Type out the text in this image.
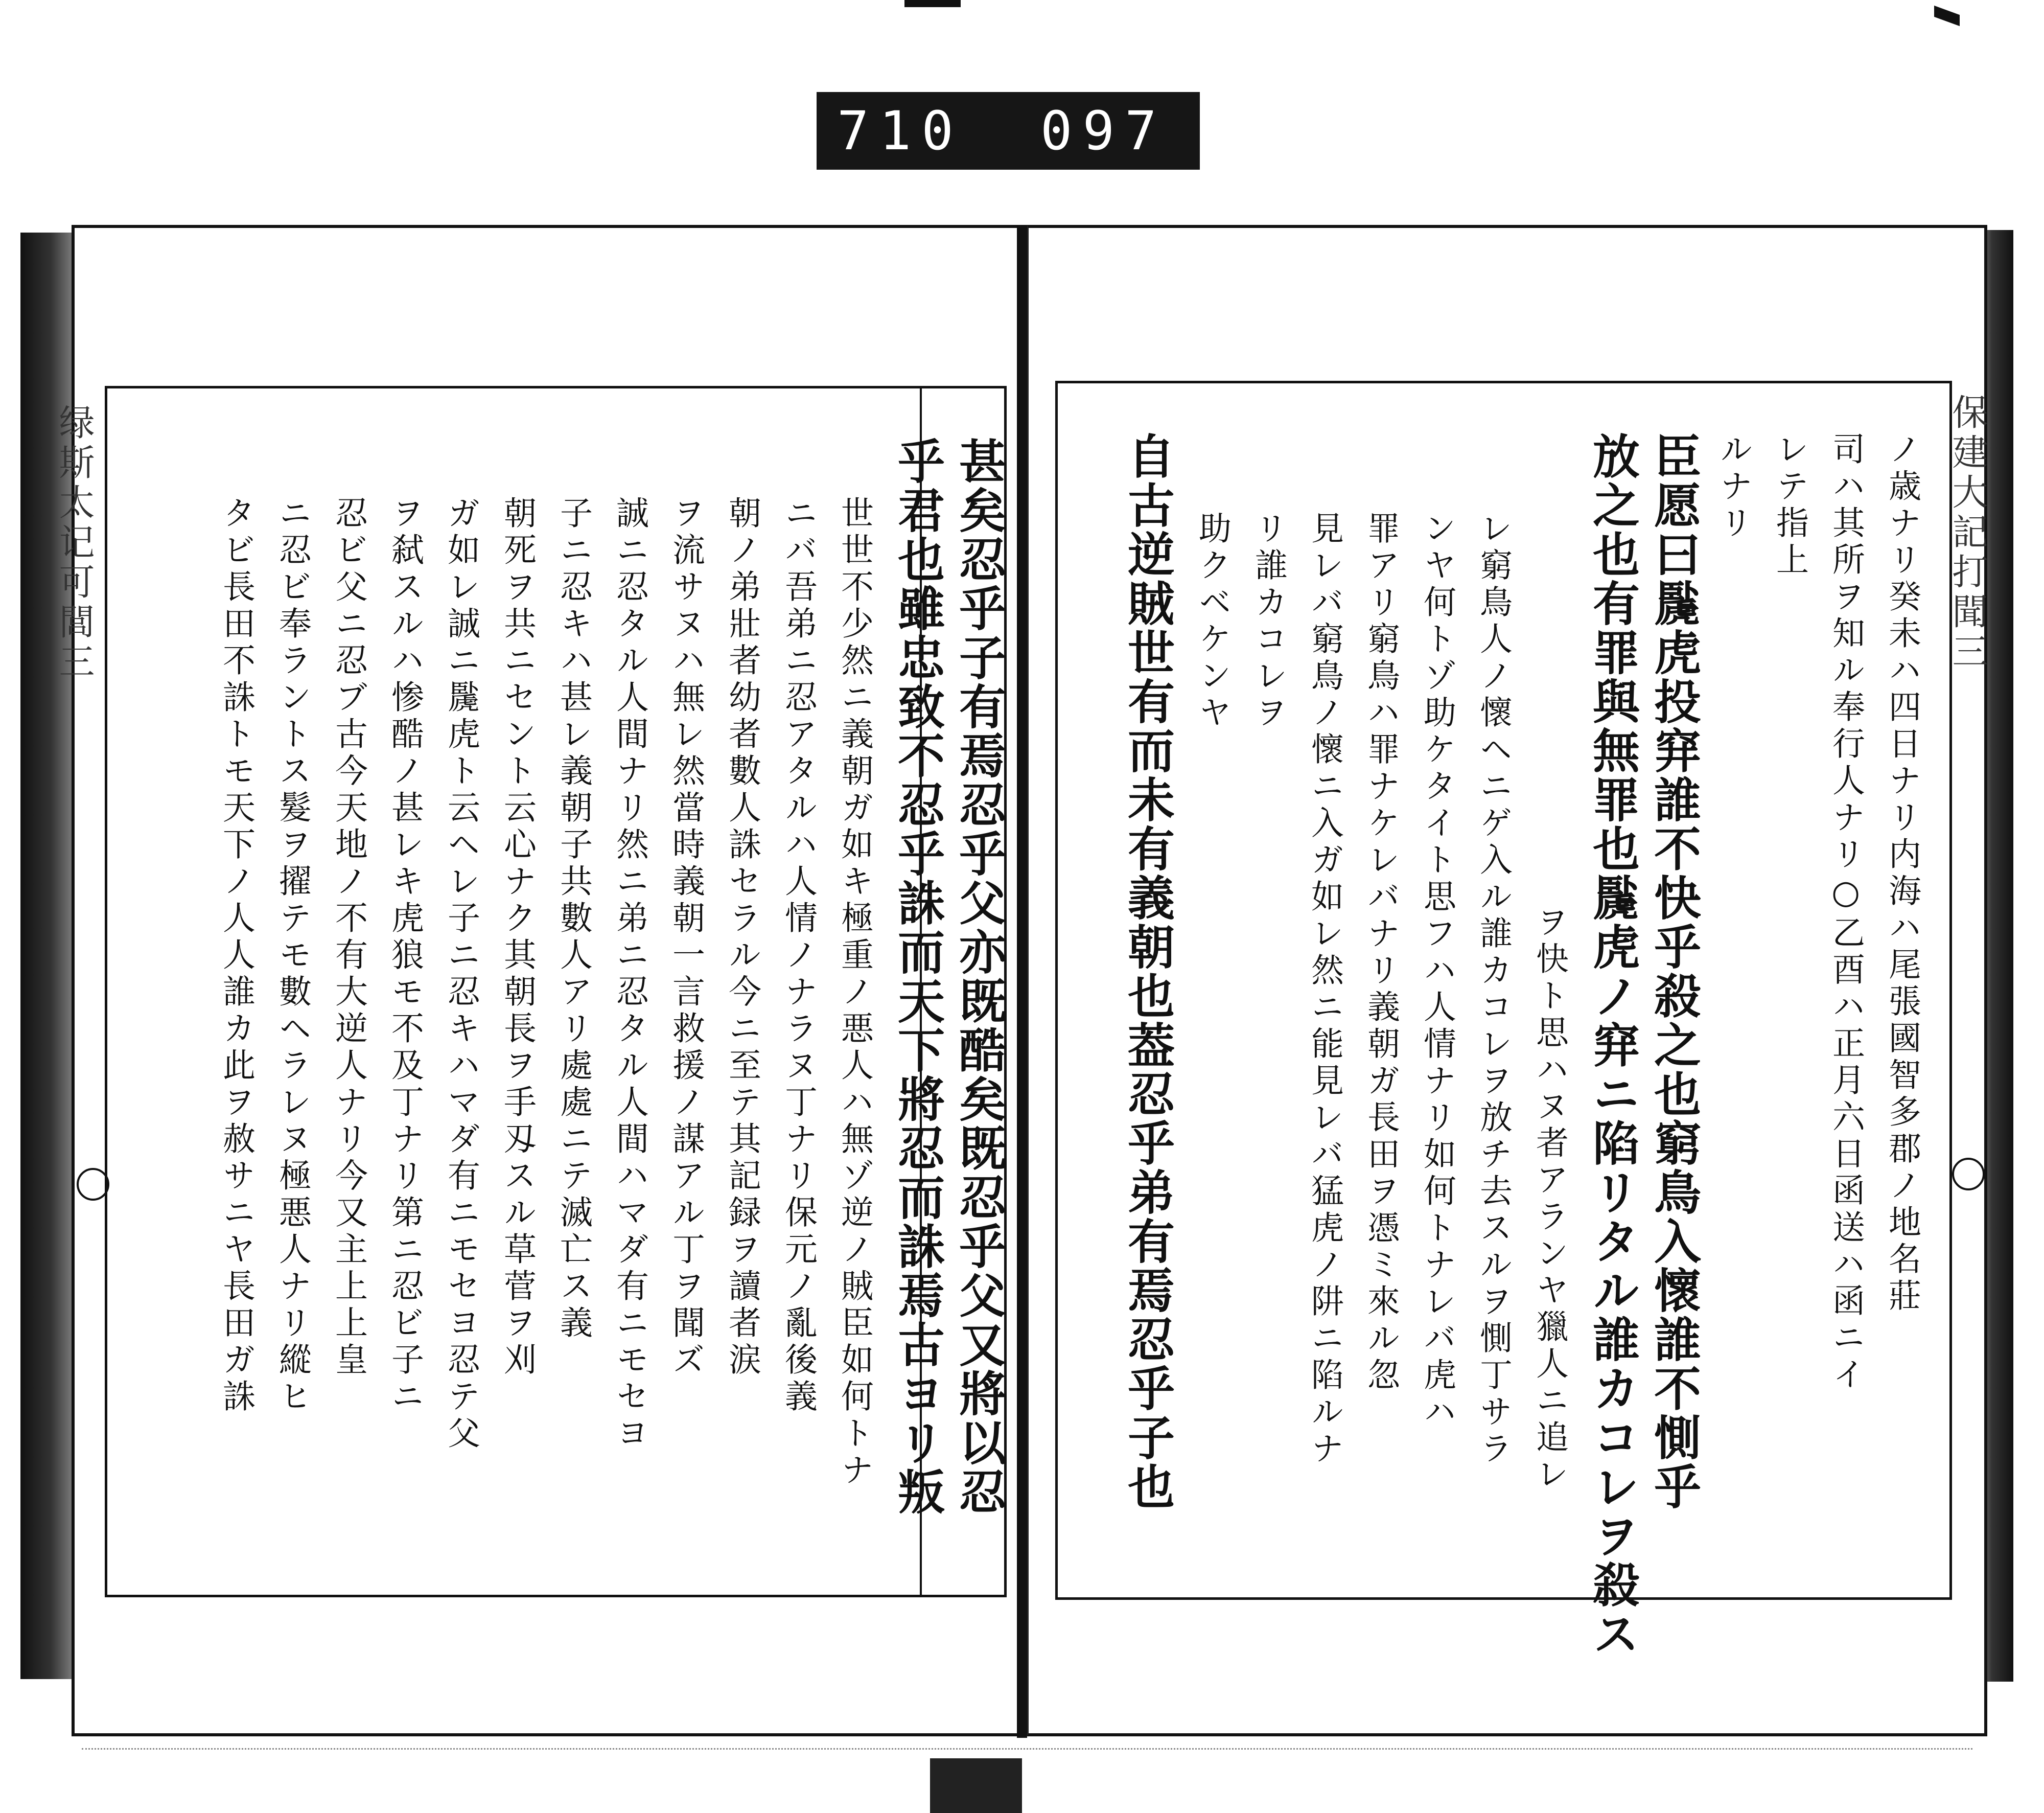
710 097
绿斯太记可閭三	保建大記打聞三
甚矣忍乎子有焉忍乎父亦既酷矣既忍乎父又將以忍
乎君也雖忠致不忍乎誅而天下將忍而誅焉古ヨリ叛
世世不少然ニ義朝ガ如キ極重ノ悪人ハ無ゾ逆ノ賊臣如何トナ
ニバ吾弟ニ忍アタルハ人情ノナラヌ丁ナリ保元ノ亂後義
朝ノ弟壯者幼者數人誅セラル今ニ至テ其記録ヲ讀者涙
ヲ流サヌハ無レ然當時義朝一言救援ノ謀アル丁ヲ聞ズ
誠ニ忍タル人間ナリ然ニ弟ニ忍タル人間ハマダ有ニモセヨ
子ニ忍キハ甚レ義朝子共數人アリ處處ニテ滅亡ス義
朝死ヲ共ニセント云心ナク其朝長ヲ手刄スル草菅ヲ刈
ガ如レ誠ニ䖙虎ト云ヘレ子ニ忍キハマダ有ニモセヨ忍テ父
ヲ弑スルハ惨酷ノ甚レキ虎狼モ不及丁ナリ第ニ忍ビ子ニ
忍ビ父ニ忍ブ古今天地ノ不有大逆人ナリ今又主上上皇
ニ忍ビ奉ラントス髮ヲ擢テモ數ヘラレヌ極悪人ナリ縱ヒ
タビ長田不誅トモ天下ノ人人誰カ此ヲ赦サニヤ長田ガ誅	ノ歳ナリ癸未ハ四日ナリ内海ハ尾張國智多郡ノ地名莊
司ハ其所ヲ知ル奉行人ナリ○乙酉ハ正月六日函送ハ函ニイ
レテ指上
ルナリ
臣愿曰䖙虎投穽誰不快乎殺之也窮鳥入懷誰不惻乎
放之也有罪與無罪也䖙虎ノ穽ニ陷リタル誰カコレヲ殺ス
ヲ快ト思ハヌ者アランヤ獵人ニ追レ
レ窮鳥人ノ懷ヘニゲ入ル誰カコレヲ放チ去スルヲ惻丁サラ
ンヤ何トゾ助ケタイト思フハ人情ナリ如何トナレバ虎ハ
罪アリ窮鳥ハ罪ナケレバナリ義朝ガ長田ヲ憑ミ來ル忽
見レバ窮鳥ノ懷ニ入ガ如レ然ニ能見レバ猛虎ノ阱ニ陷ルナ
リ誰カコレヲ
助クベケンヤ
自古逆賊世有而未有義朝也葢忍乎弟有焉忍乎子也
